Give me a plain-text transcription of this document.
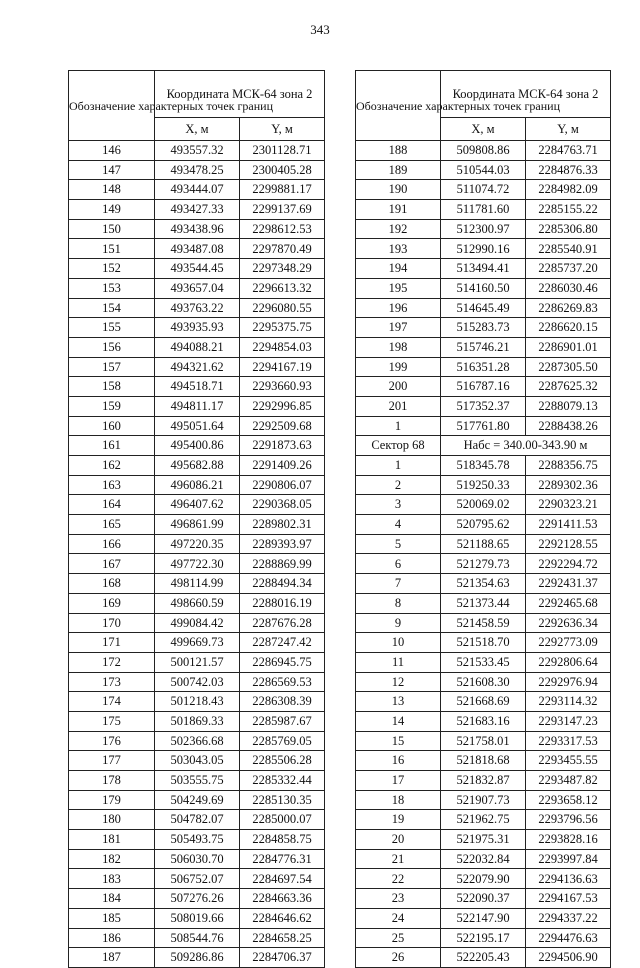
343
Обозначение характерных точек границ	Координата МСК-64 зона 2	
	X, м	Y, м
146	493557.32	2301128.71
147	493478.25	2300405.28
148	493444.07	2299881.17
149	493427.33	2299137.69
150	493438.96	2298612.53
151	493487.08	2297870.49
152	493544.45	2297348.29
153	493657.04	2296613.32
154	493763.22	2296080.55
155	493935.93	2295375.75
156	494088.21	2294854.03
157	494321.62	2294167.19
158	494518.71	2293660.93
159	494811.17	2292996.85
160	495051.64	2292509.68
161	495400.86	2291873.63
162	495682.88	2291409.26
163	496086.21	2290806.07
164	496407.62	2290368.05
165	496861.99	2289802.31
166	497220.35	2289393.97
167	497722.30	2288869.99
168	498114.99	2288494.34
169	498660.59	2288016.19
170	499084.42	2287676.28
171	499669.73	2287247.42
172	500121.57	2286945.75
173	500742.03	2286569.53
174	501218.43	2286308.39
175	501869.33	2285987.67
176	502366.68	2285769.05
177	503043.05	2285506.28
178	503555.75	2285332.44
179	504249.69	2285130.35
180	504782.07	2285000.07
181	505493.75	2284858.75
182	506030.70	2284776.31
183	506752.07	2284697.54
184	507276.26	2284663.36
185	508019.66	2284646.62
186	508544.76	2284658.25
187	509286.86	2284706.37
Обозначение характерных точек границ	Координата МСК-64 зона 2	
	X, м	Y, м
188	509808.86	2284763.71
189	510544.03	2284876.33
190	511074.72	2284982.09
191	511781.60	2285155.22
192	512300.97	2285306.80
193	512990.16	2285540.91
194	513494.41	2285737.20
195	514160.50	2286030.46
196	514645.49	2286269.83
197	515283.73	2286620.15
198	515746.21	2286901.01
199	516351.28	2287305.50
200	516787.16	2287625.32
201	517352.37	2288079.13
1	517761.80	2288438.26
Сектор 68	Набс = 340.00-343.90 м	
1	518345.78	2288356.75
2	519250.33	2289302.36
3	520069.02	2290323.21
4	520795.62	2291411.53
5	521188.65	2292128.55
6	521279.73	2292294.72
7	521354.63	2292431.37
8	521373.44	2292465.68
9	521458.59	2292636.34
10	521518.70	2292773.09
11	521533.45	2292806.64
12	521608.30	2292976.94
13	521668.69	2293114.32
14	521683.16	2293147.23
15	521758.01	2293317.53
16	521818.68	2293455.55
17	521832.87	2293487.82
18	521907.73	2293658.12
19	521962.75	2293796.56
20	521975.31	2293828.16
21	522032.84	2293997.84
22	522079.90	2294136.63
23	522090.37	2294167.53
24	522147.90	2294337.22
25	522195.17	2294476.63
26	522205.43	2294506.90
